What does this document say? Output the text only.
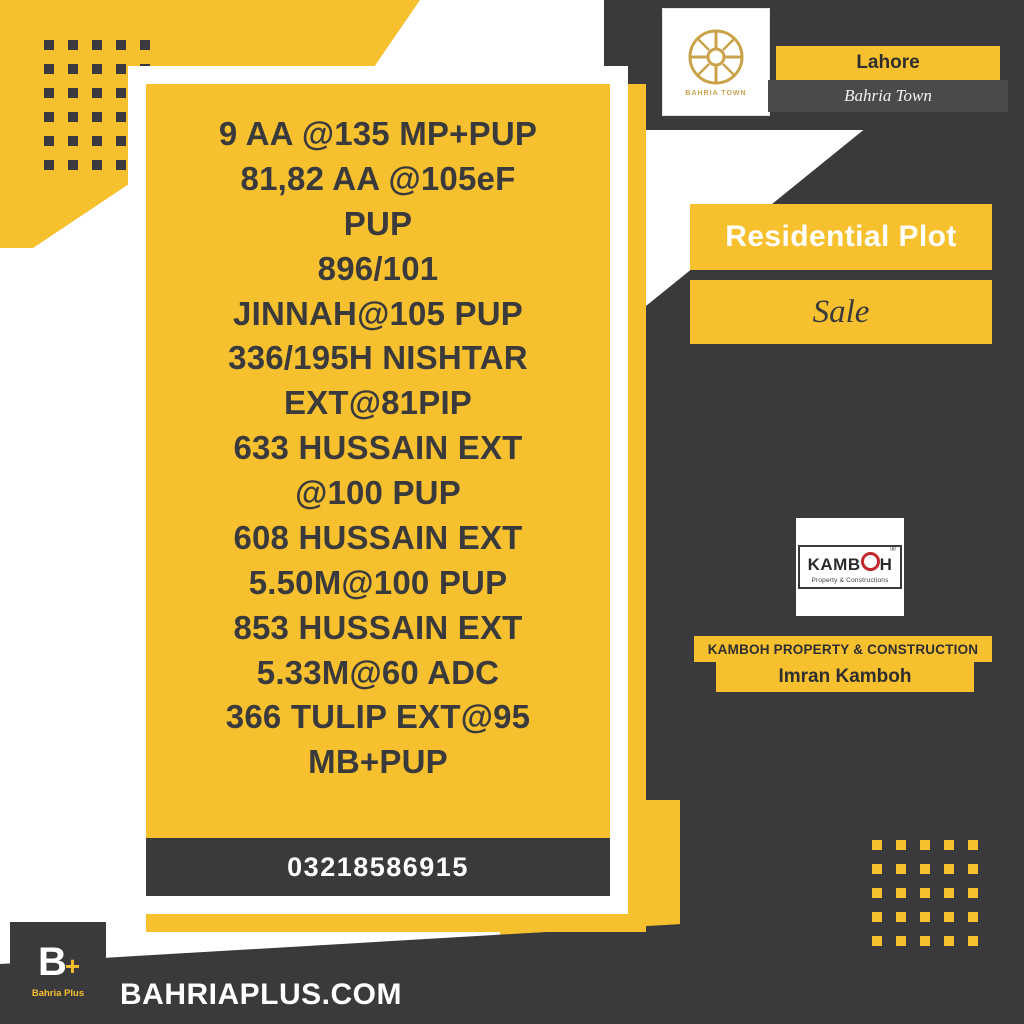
9 AA @135 MP+PUP
81,82 AA @105eF
PUP
896/101
JINNAH@105 PUP
336/195H NISHTAR
EXT@81PIP
633 HUSSAIN EXT
@100 PUP
608 HUSSAIN EXT
5.50M@100 PUP
853 HUSSAIN EXT
5.33M@60 ADC
366 TULIP EXT@95
MB+PUP
03218586915
BAHRIA TOWN
Lahore
Bahria Town
Residential Plot
Sale
KAMB H
Property & Constructions
®
KAMBOH PROPERTY & CONSTRUCTION
Imran Kamboh
B+
Bahria Plus BAHRIAPLUS.COM
